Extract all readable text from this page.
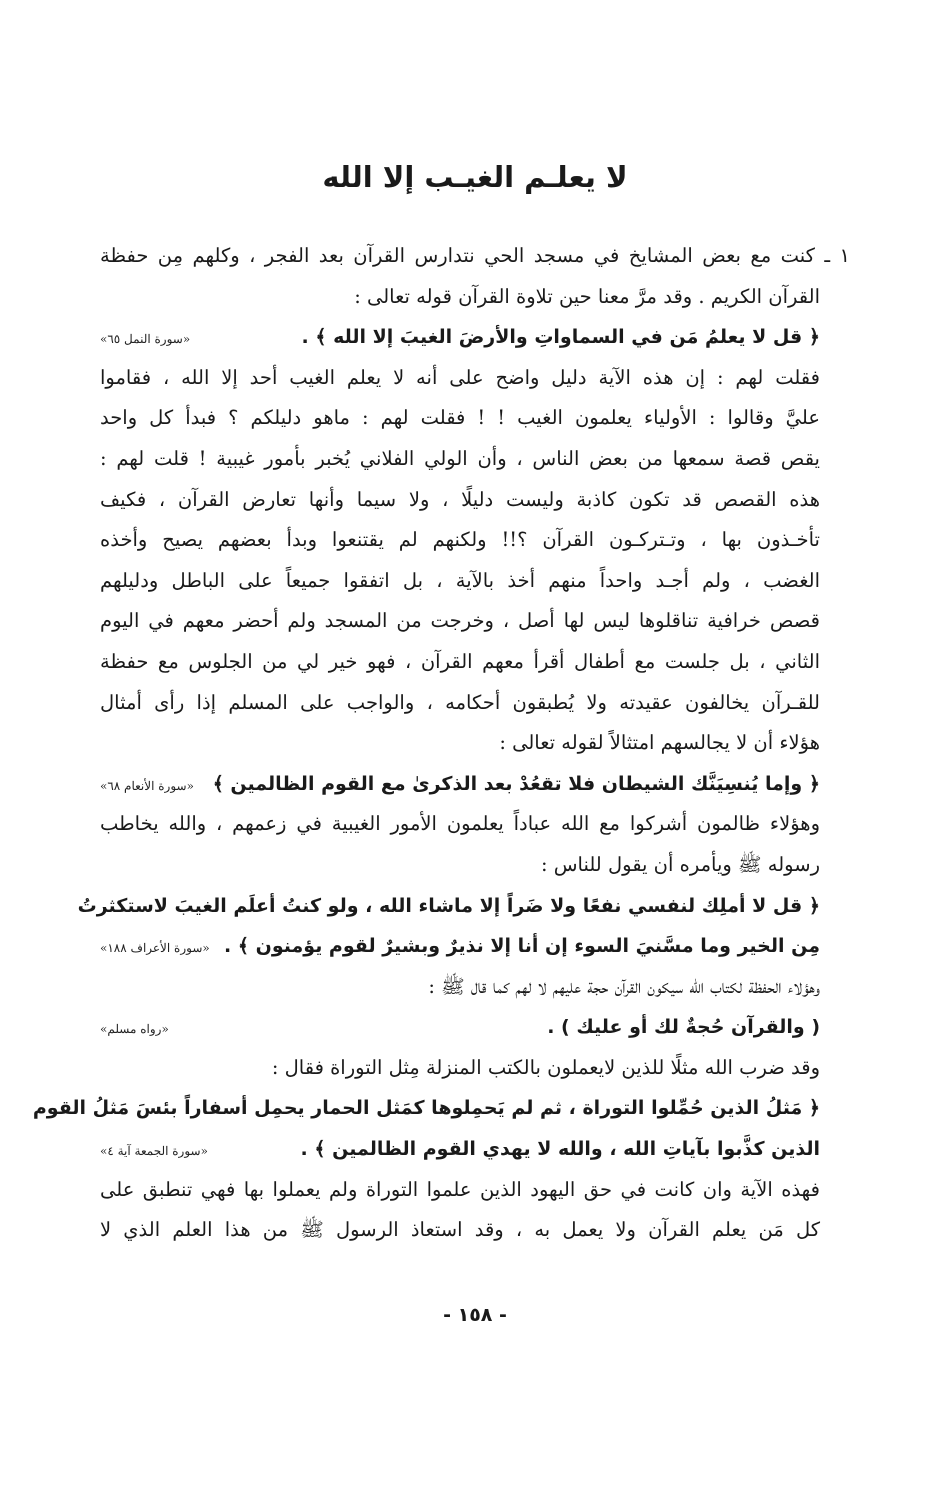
لا يعلـم الغيـب إلا الله
١ ـ كنت مع بعض المشايخ في مسجد الحي نتدارس القرآن بعد الفجر ، وكلهم مِن حفظة
القرآن الكريم . وقد مرَّ معنا حين تلاوة القرآن قوله تعالى :
﴿ قل لا يعلمُ مَن في السماواتِ والأرضَ الغيبَ إلا الله ﴾ .
«سورة النمل ٦٥»
فقلت لهم : إن هذه الآية دليل واضح على أنه لا يعلم الغيب أحد إلا الله ، فقاموا
عليَّ وقالوا : الأولياء يعلمون الغيب ! ! فقلت لهم : ماهو دليلكم ؟ فبدأ كل واحد
يقص قصة سمعها من بعض الناس ، وأن الولي الفلاني يُخبر بأمور غيبية ! قلت لهم :
هذه القصص قد تكون كاذبة وليست دليلًا ، ولا سيما وأنها تعارض القرآن ، فكيف
تأخـذون بها ، وتـتركـون القرآن ؟!! ولكنهم لم يقتنعوا وبدأ بعضهم يصيح وأخذه
الغضب ، ولم أجـد واحداً منهم أخذ بالآية ، بل اتفقوا جميعاً على الباطل ودليلهم
قصص خرافية تناقلوها ليس لها أصل ، وخرجت من المسجد ولم أحضر معهم في اليوم
الثاني ، بل جلست مع أطفال أقرأ معهم القرآن ، فهو خير لي من الجلوس مع حفظة
للقـرآن يخالفون عقيدته ولا يُطبقون أحكامه ، والواجب على المسلم إذا رأى أمثال
هؤلاء أن لا يجالسهم امتثالاً لقوله تعالى :
﴿ وإما يُنسِيَنَّك الشيطان فلا تقعُدْ بعد الذكرىٰ مع القوم الظالمين ﴾
«سورة الأنعام ٦٨»
وهؤلاء ظالمون أشركوا مع الله عباداً يعلمون الأمور الغيبية في زعمهم ، والله يخاطب
رسوله ﷺ ويأمره أن يقول للناس :
﴿ قل لا أملِك لنفسي نفعًا ولا ضَراً إلا ماشاء الله ، ولو كنتُ أعلَم الغيبَ لاستكثرتُ
مِن الخير وما مسَّنيَ السوء إن أنا إلا نذيرٌ وبشيرٌ لقوم يؤمنون ﴾ .
«سورة الأعراف ١٨٨»
وهؤلاء الحفظة لكتاب الله سيكون القرآن حجة عليهم لا لهم كما قال ﷺ :
( والقرآن حُجةٌ لك أو عليك ) .
«رواه مسلم»
وقد ضرب الله مثلًا للذين لايعملون بالكتب المنزلة مِثل التوراة فقال :
﴿ مَثلُ الذين حُمِّلوا التوراة ، ثم لم يَحمِلوها كمَثل الحمار يحمِل أسفاراً بئسَ مَثلُ القوم
الذين كذَّبوا بآياتِ الله ، والله لا يهدي القوم الظالمين ﴾ .
«سورة الجمعة آية ٤»
فهذه الآية وان كانت في حق اليهود الذين علموا التوراة ولم يعملوا بها فهي تنطبق على
كل مَن يعلم القرآن ولا يعمل به ، وقد استعاذ الرسول ﷺ من هذا العلم الذي لا
- ١٥٨ -
